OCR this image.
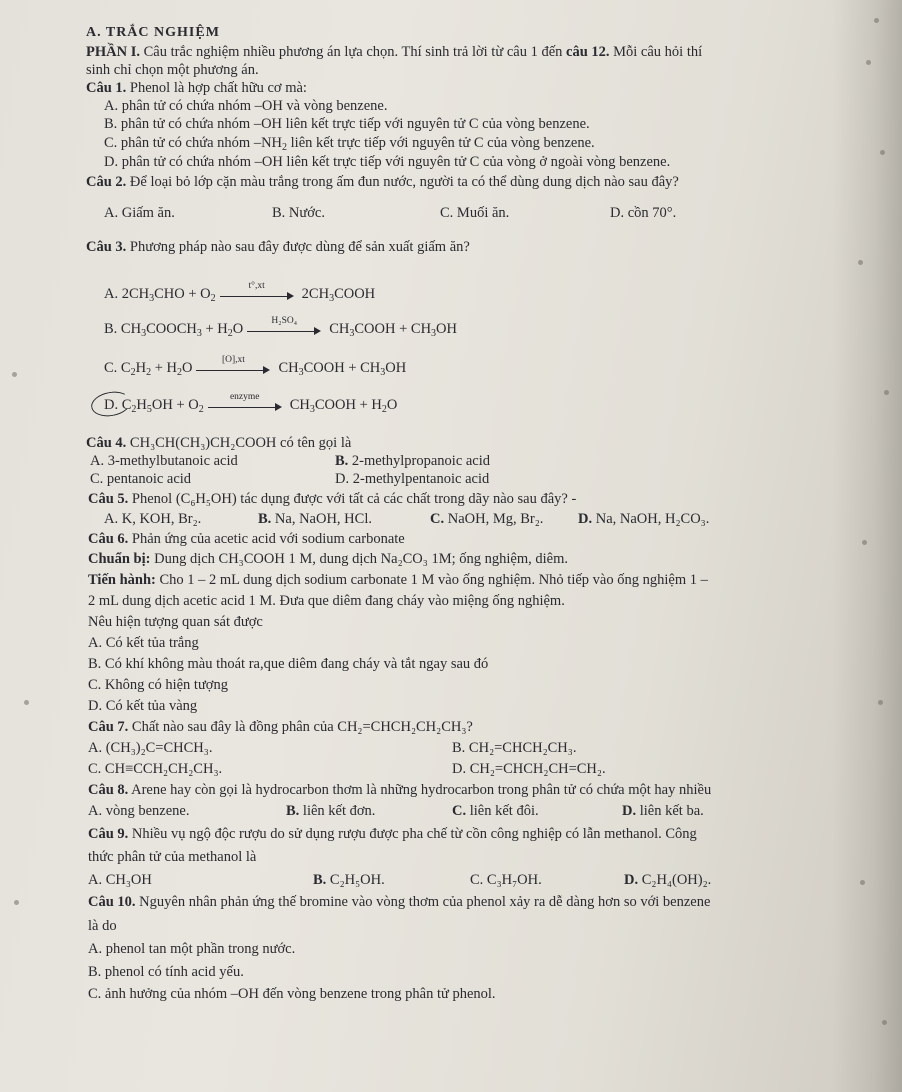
A. TRẮC NGHIỆM
PHẦN I. Câu trắc nghiệm nhiều phương án lựa chọn. Thí sinh trả lời từ câu 1 đến câu 12. Mỗi câu hỏi thí
sinh chỉ chọn một phương án.
Câu 1. Phenol là hợp chất hữu cơ mà:
A. phân tử có chứa nhóm –OH và vòng benzene.
B. phân tử có chứa nhóm –OH liên kết trực tiếp với nguyên tử C của vòng benzene.
C. phân tử có chứa nhóm $-NH_2$ liên kết trực tiếp với nguyên tử C của vòng benzene.
D. phân tử có chứa nhóm –OH liên kết trực tiếp với nguyên tử C của vòng ở ngoài vòng benzene.
Câu 2. Để loại bỏ lớp cặn màu trắng trong ấm đun nước, người ta có thể dùng dung dịch nào sau đây?
A. Giấm ăn.	B. Nước.	C. Muối ăn.	D. cồn 70°.
Câu 3. Phương pháp nào sau đây được dùng để sản xuất giấm ăn?
A. $2CH_3CHO + O_2$
t°,xt
$2CH_3COOH$
B. $CH_3COOCH_3 + H_2O$
H₂SO₄
$CH_3COOH + CH_3OH$
C. $C_2H_2 + H_2O$
[O],xt
$CH_3COOH + CH_3OH$
D. $C_2H_5OH + O_2$
enzyme
$CH_3COOH + H_2O$
Câu 4. CH₃CH(CH₃)CH₂COOH có tên gọi là
A. 3-methylbutanoic acid	B. 2-methylpropanoic acid
C. pentanoic acid	D. 2-methylpentanoic acid
Câu 5. Phenol (C₆H₅OH) tác dụng được với tất cả các chất trong dãy nào sau đây? -
A. K, KOH, Br₂.	B. Na, NaOH, HCl.	C. NaOH, Mg, Br₂. D. Na, NaOH, H₂CO₃.
Câu 6. Phản ứng của acetic acid với sodium carbonate
Chuẩn bị: Dung dịch CH₃COOH 1 M, dung dịch Na₂CO₃ 1M; ống nghiệm, diêm.
Tiến hành: Cho 1 – 2 mL dung dịch sodium carbonate 1 M vào ống nghiệm. Nhỏ tiếp vào ống nghiệm 1 –
2 mL dung dịch acetic acid 1 M. Đưa que diêm đang cháy vào miệng ống nghiệm.
Nêu hiện tượng quan sát được
A. Có kết tủa trắng
B. Có khí không màu thoát ra,que diêm đang cháy và tắt ngay sau đó
C. Không có hiện tượng
D. Có kết tủa vàng
Câu 7. Chất nào sau đây là đồng phân của CH₂=CHCH₂CH₂CH₃?
A. (CH₃)₂C=CHCH₃.	B. CH₂=CHCH₂CH₃.
C. CH≡CCH₂CH₂CH₃.	D. CH₂=CHCH₂CH=CH₂.
Câu 8. Arene hay còn gọi là hydrocarbon thơm là những hydrocarbon trong phân tử có chứa một hay nhiều
A. vòng benzene.	B. liên kết đơn.	C. liên kết đôi.	D. liên kết ba.
Câu 9. Nhiều vụ ngộ độc rượu do sử dụng rượu được pha chế từ cồn công nghiệp có lẫn methanol. Công
thức phân tử của methanol là
A. CH₃OH	B. C₂H₅OH.	C. C₃H₇OH.	D. C₂H₄(OH)₂.
Câu 10. Nguyên nhân phản ứng thế bromine vào vòng thơm của phenol xảy ra dễ dàng hơn so với benzene
là do
A. phenol tan một phần trong nước.
B. phenol có tính acid yếu.
C. ảnh hưởng của nhóm –OH đến vòng benzene trong phân tử phenol.
